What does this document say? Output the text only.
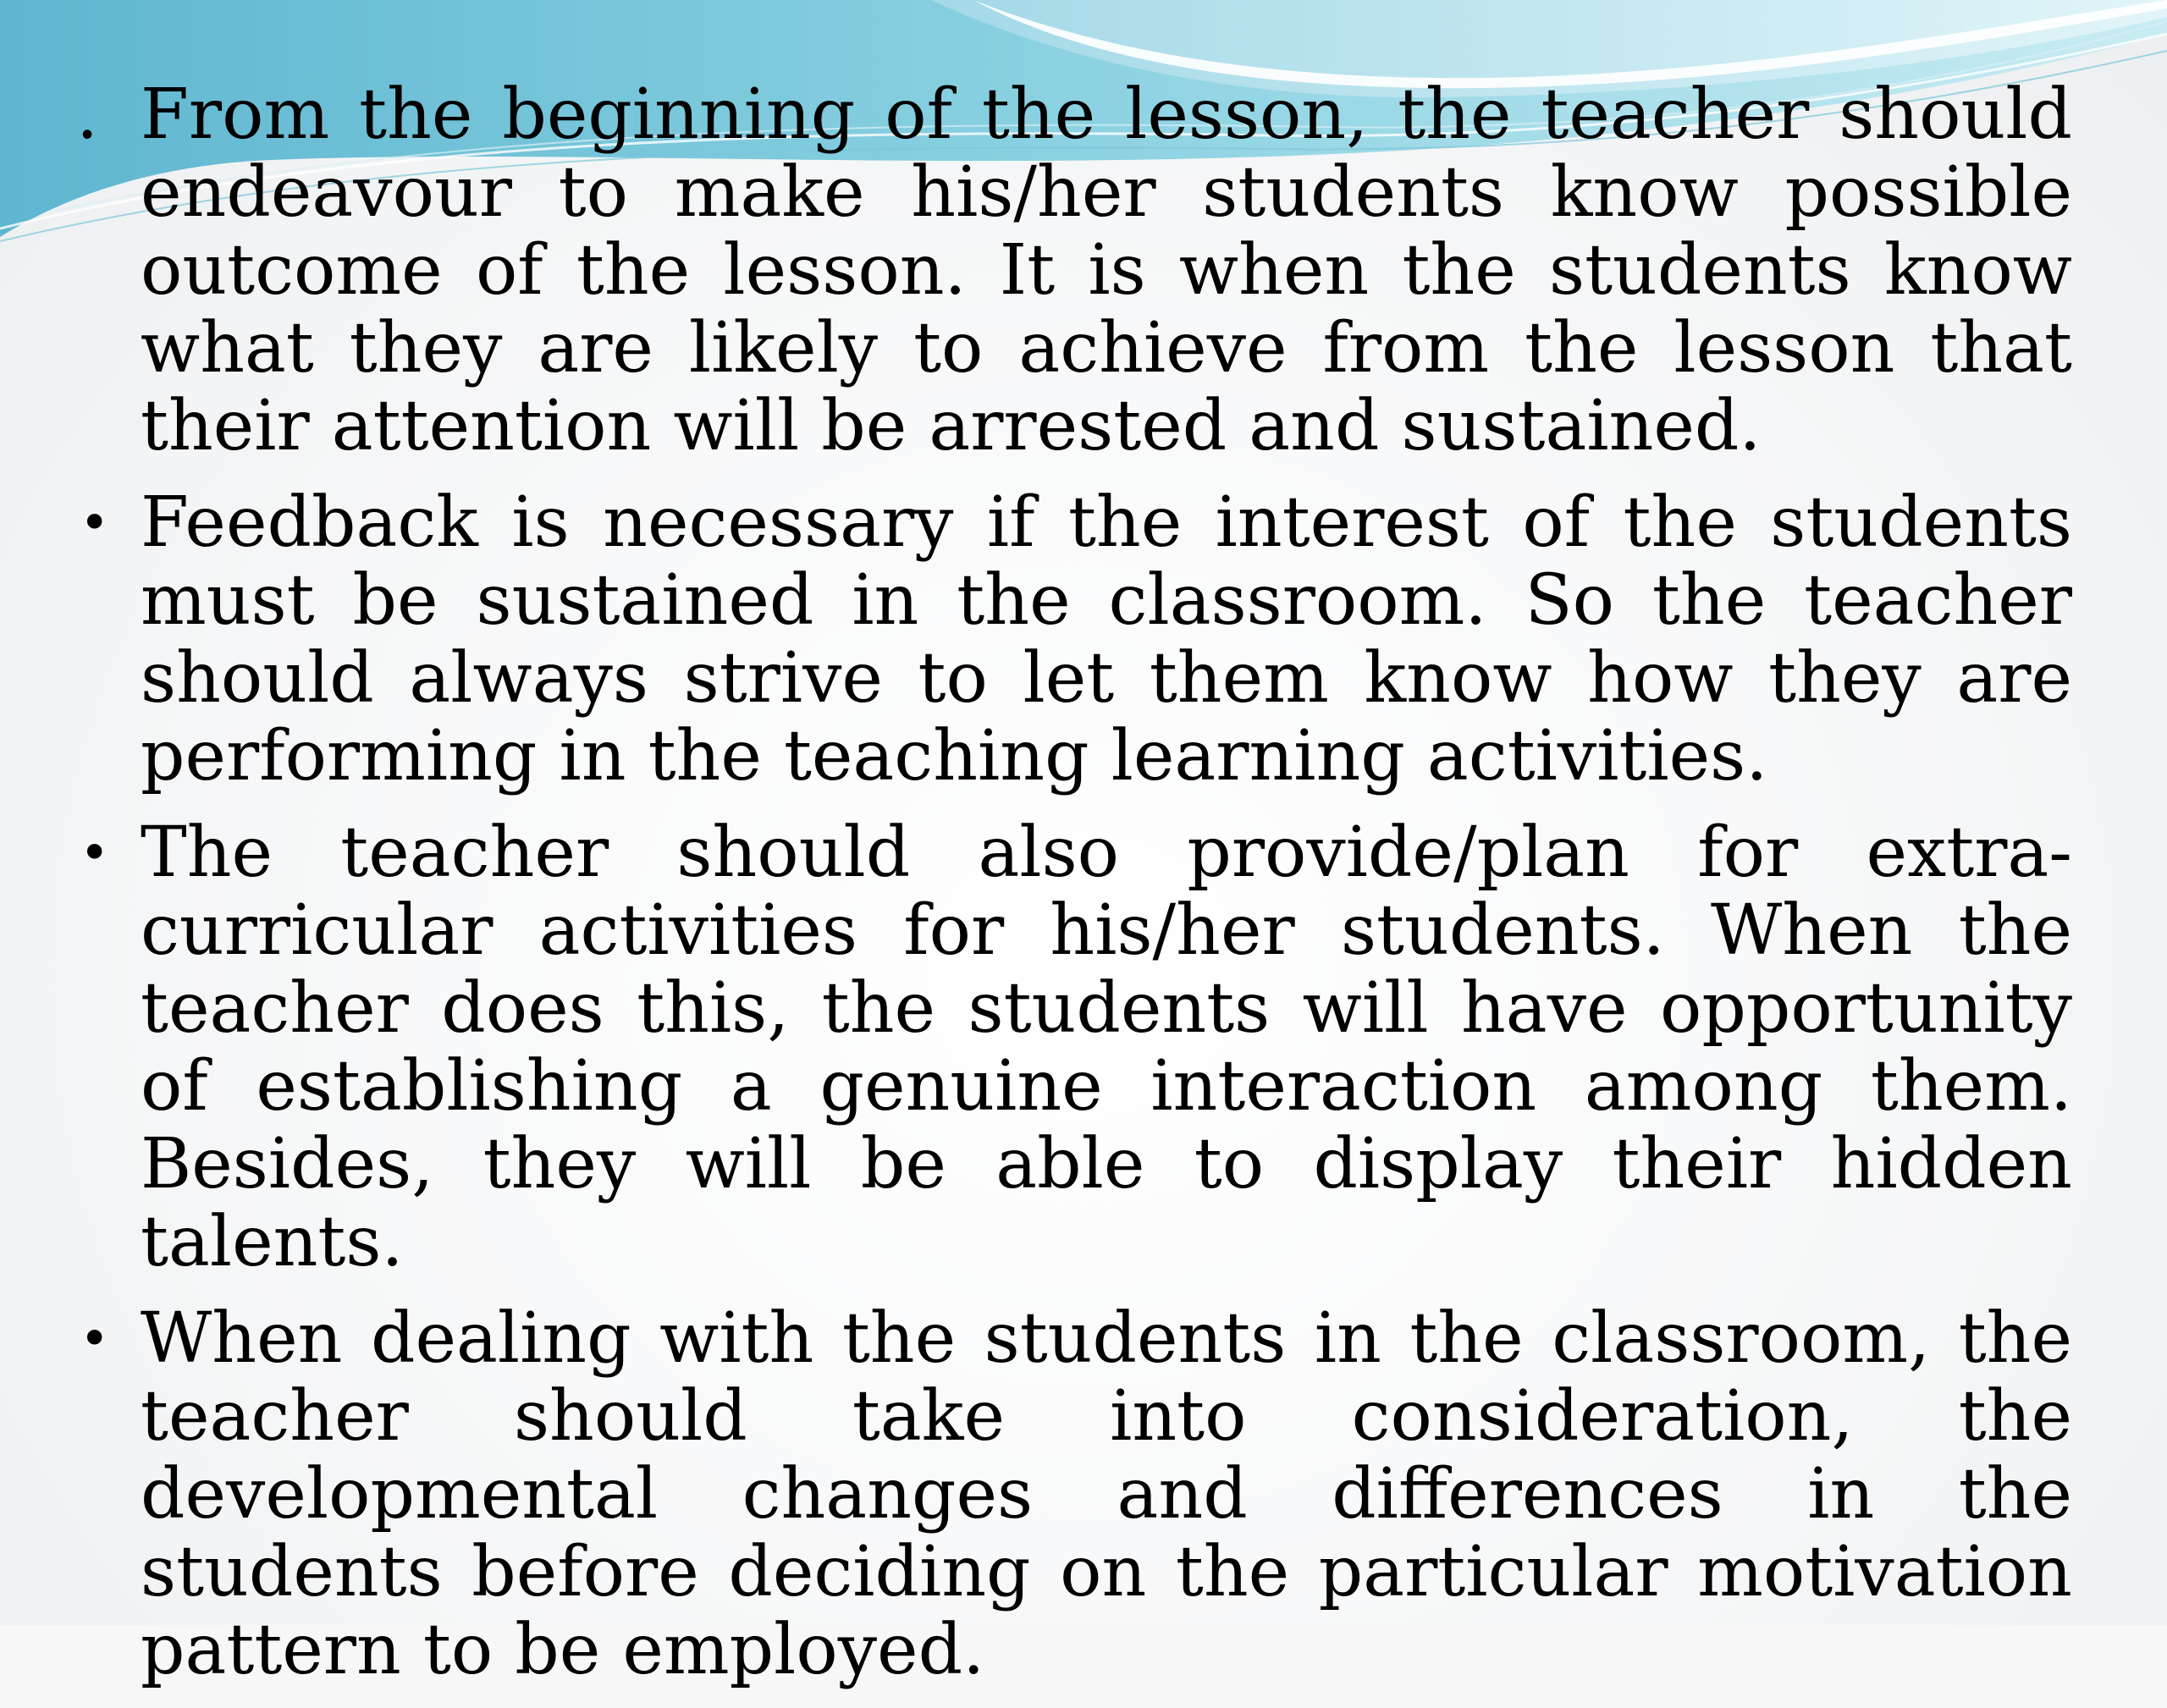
. From the beginning of the lesson, the teacher should endeavour to make his/her students know possible outcome of the lesson. It is when the students know what they are likely to achieve from the lesson that their attention will be arrested and sustained.
• Feedback is necessary if the interest of the students must be sustained in the classroom. So the teacher should always strive to let them know how they are performing in the teaching learning activities.
• The teacher should also provide/plan for extra-curricular activities for his/her students. When the teacher does this, the students will have opportunity of establishing a genuine interaction among them. Besides, they will be able to display their hidden talents.
• When dealing with the students in the classroom, the teacher should take into consideration, the developmental changes and differences in the students before deciding on the particular motivation pattern to be employed.
